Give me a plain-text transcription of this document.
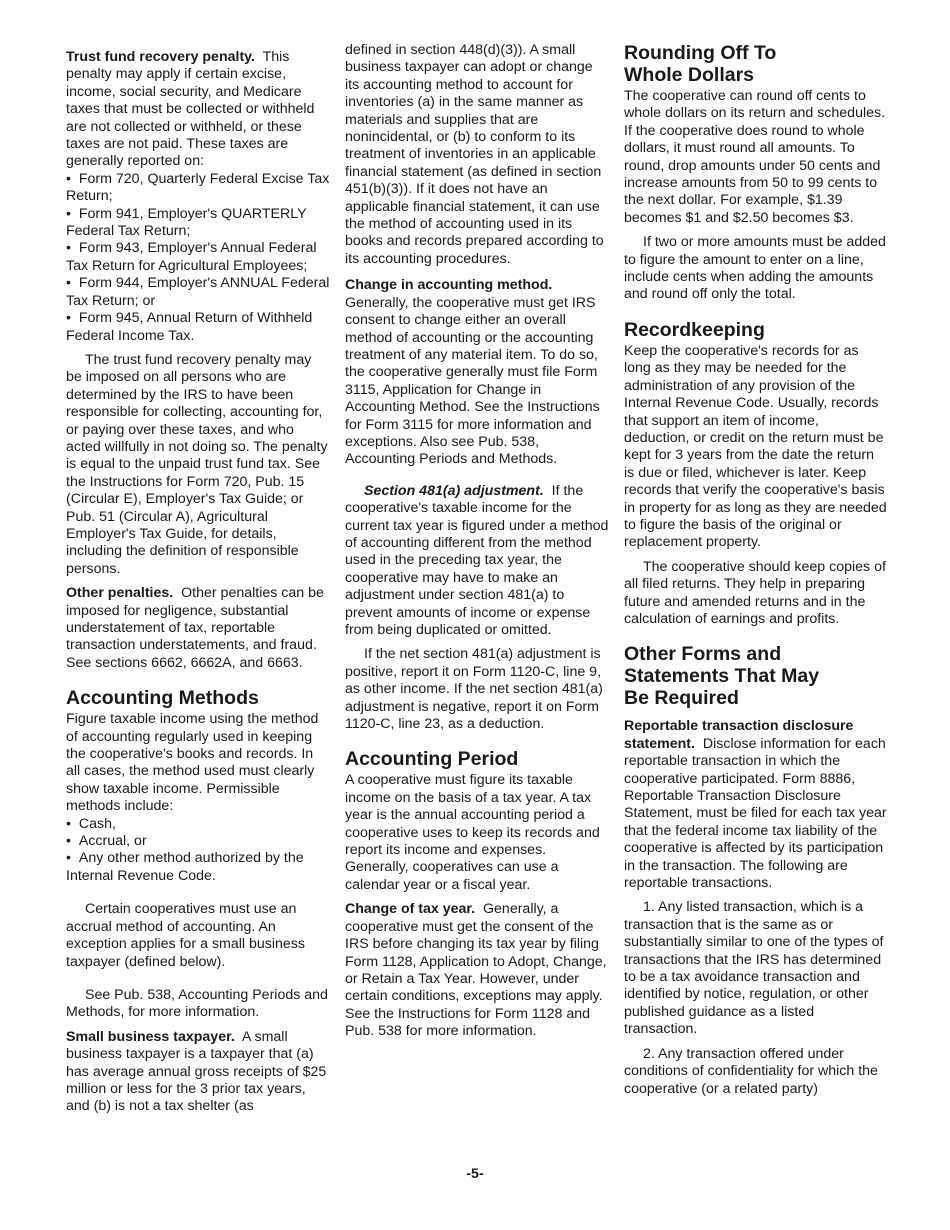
Trust fund recovery penalty. This penalty may apply if certain excise, income, social security, and Medicare taxes that must be collected or withheld are not collected or withheld, or these taxes are not paid. These taxes are generally reported on:

•  Form 720, Quarterly Federal Excise Tax Return;
•  Form 941, Employer's QUARTERLY Federal Tax Return;
•  Form 943, Employer's Annual Federal Tax Return for Agricultural Employees;
•  Form 944, Employer's ANNUAL Federal Tax Return; or
•  Form 945, Annual Return of Withheld Federal Income Tax.

The trust fund recovery penalty may be imposed on all persons who are determined by the IRS to have been responsible for collecting, accounting for, or paying over these taxes, and who acted willfully in not doing so. The penalty is equal to the unpaid trust fund tax. See the Instructions for Form 720, Pub. 15 (Circular E), Employer's Tax Guide; or Pub. 51 (Circular A), Agricultural Employer's Tax Guide, for details, including the definition of responsible persons.

Other penalties. Other penalties can be imposed for negligence, substantial understatement of tax, reportable transaction understatements, and fraud. See sections 6662, 6662A, and 6663.

Accounting Methods

Figure taxable income using the method of accounting regularly used in keeping the cooperative's books and records. In all cases, the method used must clearly show taxable income. Permissible methods include:

•  Cash,
•  Accrual, or
•  Any other method authorized by the Internal Revenue Code.

Certain cooperatives must use an accrual method of accounting. An exception applies for a small business taxpayer (defined below).

See Pub. 538, Accounting Periods and Methods, for more information.

Small business taxpayer. A small business taxpayer is a taxpayer that (a) has average annual gross receipts of $25 million or less for the 3 prior tax years, and (b) is not a tax shelter (as

defined in section 448(d)(3)). A small business taxpayer can adopt or change its accounting method to account for inventories (a) in the same manner as materials and supplies that are nonincidental, or (b) to conform to its treatment of inventories in an applicable financial statement (as defined in section 451(b)(3)). If it does not have an applicable financial statement, it can use the method of accounting used in its books and records prepared according to its accounting procedures.

Change in accounting method. Generally, the cooperative must get IRS consent to change either an overall method of accounting or the accounting treatment of any material item. To do so, the cooperative generally must file Form 3115, Application for Change in Accounting Method. See the Instructions for Form 3115 for more information and exceptions. Also see Pub. 538, Accounting Periods and Methods.

Section 481(a) adjustment. If the cooperative's taxable income for the current tax year is figured under a method of accounting different from the method used in the preceding tax year, the cooperative may have to make an adjustment under section 481(a) to prevent amounts of income or expense from being duplicated or omitted.

If the net section 481(a) adjustment is positive, report it on Form 1120-C, line 9, as other income. If the net section 481(a) adjustment is negative, report it on Form 1120-C, line 23, as a deduction.

Accounting Period

A cooperative must figure its taxable income on the basis of a tax year. A tax year is the annual accounting period a cooperative uses to keep its records and report its income and expenses. Generally, cooperatives can use a calendar year or a fiscal year.

Change of tax year. Generally, a cooperative must get the consent of the IRS before changing its tax year by filing Form 1128, Application to Adopt, Change, or Retain a Tax Year. However, under certain conditions, exceptions may apply. See the Instructions for Form 1128 and Pub. 538 for more information.

Rounding Off To
Whole Dollars

The cooperative can round off cents to whole dollars on its return and schedules. If the cooperative does round to whole dollars, it must round all amounts. To round, drop amounts under 50 cents and increase amounts from 50 to 99 cents to the next dollar. For example, $1.39 becomes $1 and $2.50 becomes $3.

If two or more amounts must be added to figure the amount to enter on a line, include cents when adding the amounts and round off only the total.

Recordkeeping

Keep the cooperative's records for as long as they may be needed for the administration of any provision of the Internal Revenue Code. Usually, records that support an item of income, deduction, or credit on the return must be kept for 3 years from the date the return is due or filed, whichever is later. Keep records that verify the cooperative's basis in property for as long as they are needed to figure the basis of the original or replacement property.

The cooperative should keep copies of all filed returns. They help in preparing future and amended returns and in the calculation of earnings and profits.

Other Forms and
Statements That May
Be Required

Reportable transaction disclosure statement. Disclose information for each reportable transaction in which the cooperative participated. Form 8886, Reportable Transaction Disclosure Statement, must be filed for each tax year that the federal income tax liability of the cooperative is affected by its participation in the transaction. The following are reportable transactions.

1. Any listed transaction, which is a transaction that is the same as or substantially similar to one of the types of transactions that the IRS has determined to be a tax avoidance transaction and identified by notice, regulation, or other published guidance as a listed transaction.

2. Any transaction offered under conditions of confidentiality for which the cooperative (or a related party)

-5-
